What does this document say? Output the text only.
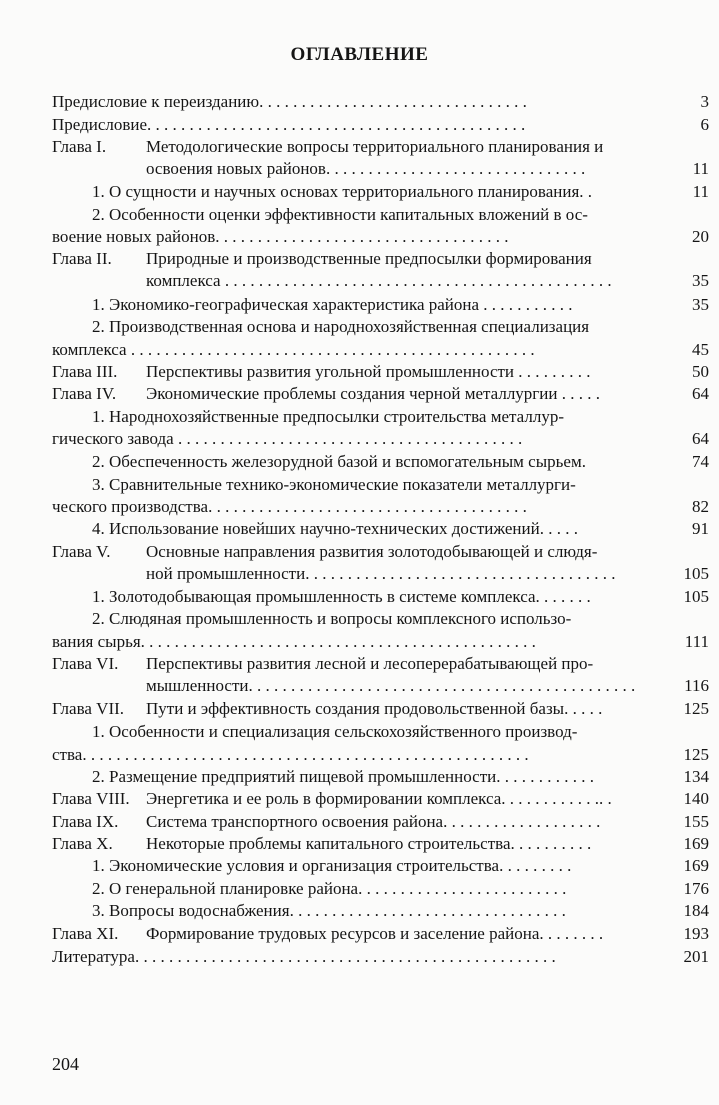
ОГЛАВЛЕНИЕ
Предисловие к переизданию. . . . . . . . . . . . . . . . . . . . . . . . . . . . . . . .	3
Предисловие. . . . . . . . . . . . . . . . . . . . . . . . . . . . . . . . . . . . . . . . . . . . .	6
Глава I. Методологические вопросы территориального планирования и
освоения новых районов. . . . . . . . . . . . . . . . . . . . . . . . . . . . . . .	11
1. О сущности и научных основах территориального планирования. .	11
2. Особенности оценки эффективности капитальных вложений в ос-
воение новых районов. . . . . . . . . . . . . . . . . . . . . . . . . . . . . . . . . . .	20
Глава II. Природные и производственные предпосылки формирования
комплекса . . . . . . . . . . . . . . . . . . . . . . . . . . . . . . . . . . . . . . . . . . . . . .	35
1. Экономико-географическая характеристика района . . . . . . . . . . .	35
2. Производственная основа и народнохозяйственная специализация
комплекса . . . . . . . . . . . . . . . . . . . . . . . . . . . . . . . . . . . . . . . . . . . . . . . .	45
Глава III. Перспективы развития угольной промышленности . . . . . . . . .	50
Глава IV. Экономические проблемы создания черной металлургии . . . . .	64
1. Народнохозяйственные предпосылки строительства металлур-
гического завода . . . . . . . . . . . . . . . . . . . . . . . . . . . . . . . . . . . . . . . . .	64
2. Обеспеченность железорудной базой и вспомогательным сырьем.	74
3. Сравнительные технико-экономические показатели металлурги-
ческого производства. . . . . . . . . . . . . . . . . . . . . . . . . . . . . . . . . . . . . .	82
4. Использование новейших научно-технических достижений. . . . .	91
Глава V. Основные направления развития золотодобывающей и слюдя-
ной промышленности. . . . . . . . . . . . . . . . . . . . . . . . . . . . . . . . . . . . .	105
1. Золотодобывающая промышленность в системе комплекса. . . . . . .	105
2. Слюдяная промышленность и вопросы комплексного использо-
вания сырья. . . . . . . . . . . . . . . . . . . . . . . . . . . . . . . . . . . . . . . . . . . . . . .	111
Глава VI. Перспективы развития лесной и лесоперерабатывающей про-
мышленности. . . . . . . . . . . . . . . . . . . . . . . . . . . . . . . . . . . . . . . . . . . . . .	116
Глава VII. Пути и эффективность создания продовольственной базы. . . . .	125
1. Особенности и специализация сельскохозяйственного производ-
ства. . . . . . . . . . . . . . . . . . . . . . . . . . . . . . . . . . . . . . . . . . . . . . . . . . . . .	125
2. Размещение предприятий пищевой промышленности. . . . . . . . . . . .	134
Глава VIII. Энергетика и ее роль в формировании комплекса. . . . . . . . . . . .. .	140
Глава IX. Система транспортного освоения района. . . . . . . . . . . . . . . . . . .	155
Глава X. Некоторые проблемы капитального строительства. . . . . . . . . .	169
1. Экономические условия и организация строительства. . . . . . . . .	169
2. О генеральной планировке района. . . . . . . . . . . . . . . . . . . . . . . . .	176
3. Вопросы водоснабжения. . . . . . . . . . . . . . . . . . . . . . . . . . . . . . . . .	184
Глава XI. Формирование трудовых ресурсов и заселение района. . . . . . . .	193
Литература. . . . . . . . . . . . . . . . . . . . . . . . . . . . . . . . . . . . . . . . . . . . . . . . . .	201
204
